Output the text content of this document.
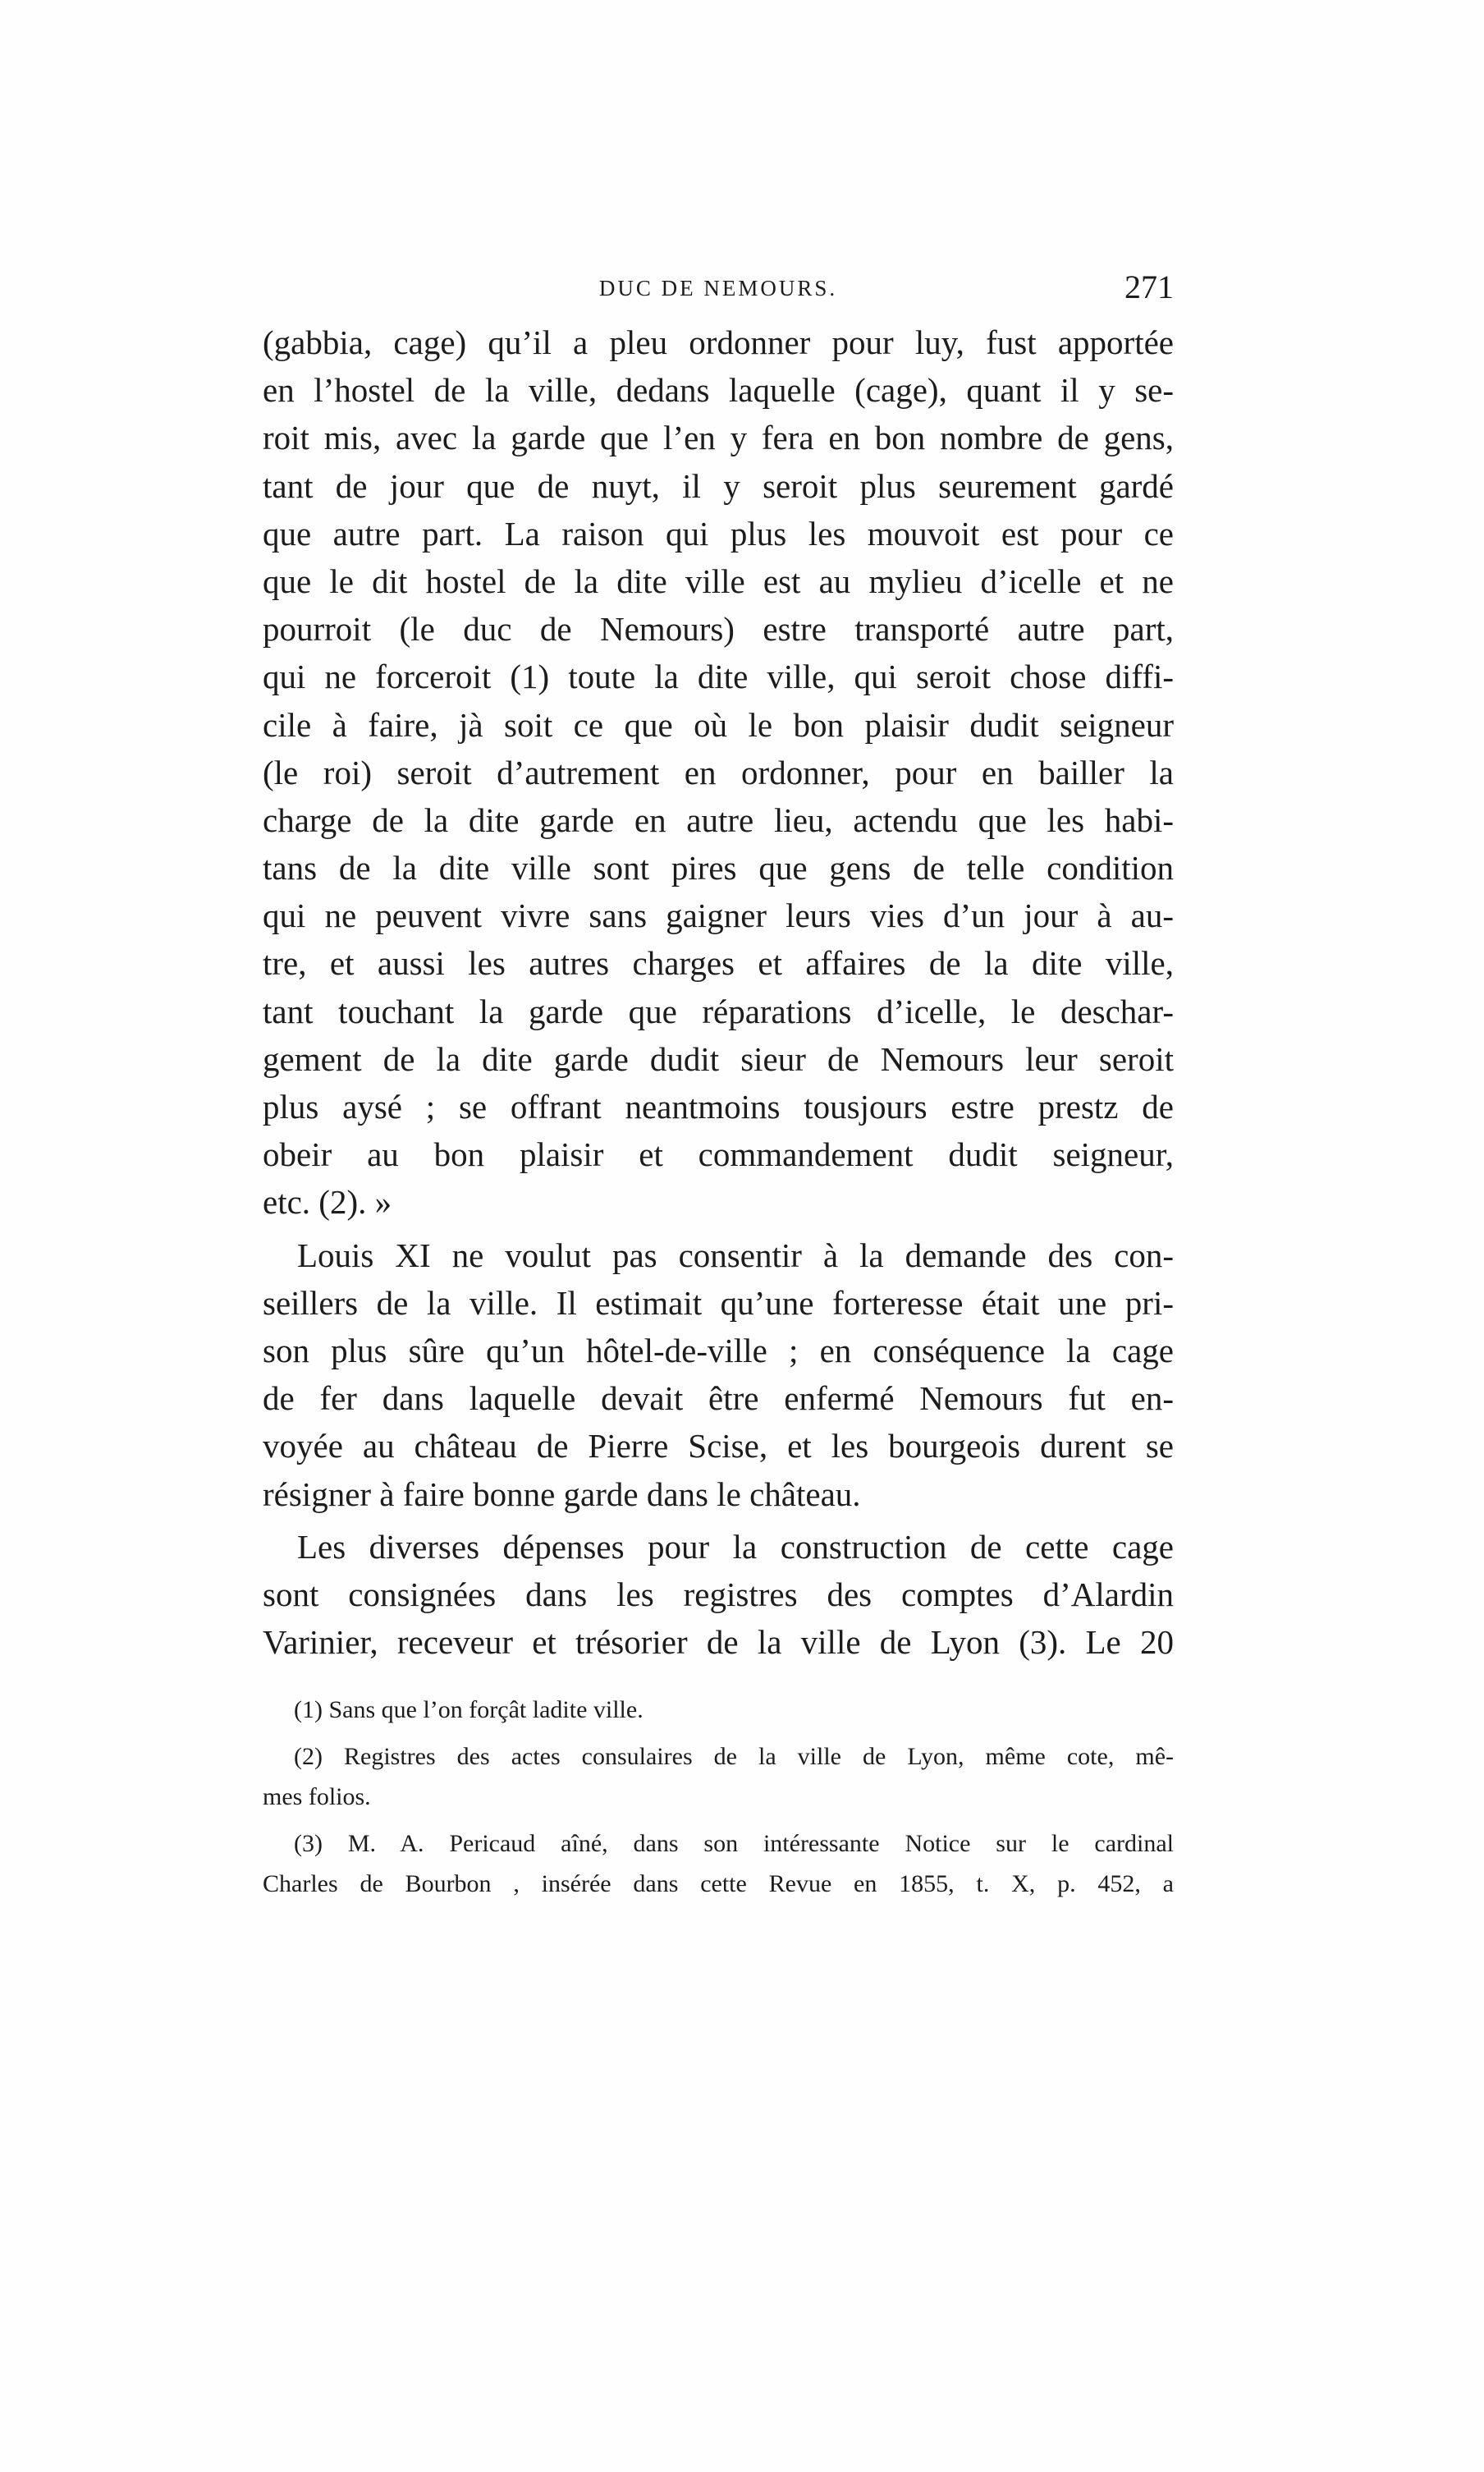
DUC DE NEMOURS.	271
(gabbia, cage) qu’il a pleu ordonner pour luy, fust apportée
en l’hostel de la ville, dedans laquelle (cage), quant il y se-
roit mis, avec la garde que l’en y fera en bon nombre de gens,
tant de jour que de nuyt, il y seroit plus seurement gardé
que autre part. La raison qui plus les mouvoit est pour ce
que le dit hostel de la dite ville est au mylieu d’icelle et ne
pourroit (le duc de Nemours) estre transporté autre part,
qui ne forceroit (1) toute la dite ville, qui seroit chose diffi-
cile à faire, jà soit ce que où le bon plaisir dudit seigneur
(le roi) seroit d’autrement en ordonner, pour en bailler la
charge de la dite garde en autre lieu, actendu que les habi-
tans de la dite ville sont pires que gens de telle condition
qui ne peuvent vivre sans gaigner leurs vies d’un jour à au-
tre, et aussi les autres charges et affaires de la dite ville,
tant touchant la garde que réparations d’icelle, le deschar-
gement de la dite garde dudit sieur de Nemours leur seroit
plus aysé ; se offrant neantmoins tousjours estre prestz de
obeir au bon plaisir et commandement dudit seigneur,
etc. (2). »
Louis XI ne voulut pas consentir à la demande des con-
seillers de la ville. Il estimait qu’une forteresse était une pri-
son plus sûre qu’un hôtel-de-ville ; en conséquence la cage
de fer dans laquelle devait être enfermé Nemours fut en-
voyée au château de Pierre Scise, et les bourgeois durent se
résigner à faire bonne garde dans le château.
Les diverses dépenses pour la construction de cette cage
sont consignées dans les registres des comptes d’Alardin
Varinier, receveur et trésorier de la ville de Lyon (3). Le 20
(1) Sans que l’on forçât ladite ville.
(2) Registres des actes consulaires de la ville de Lyon, même cote, mê-
mes folios.
(3) M. A. Pericaud aîné, dans son intéressante Notice sur le cardinal
Charles de Bourbon , insérée dans cette Revue en 1855, t. X, p. 452, a
